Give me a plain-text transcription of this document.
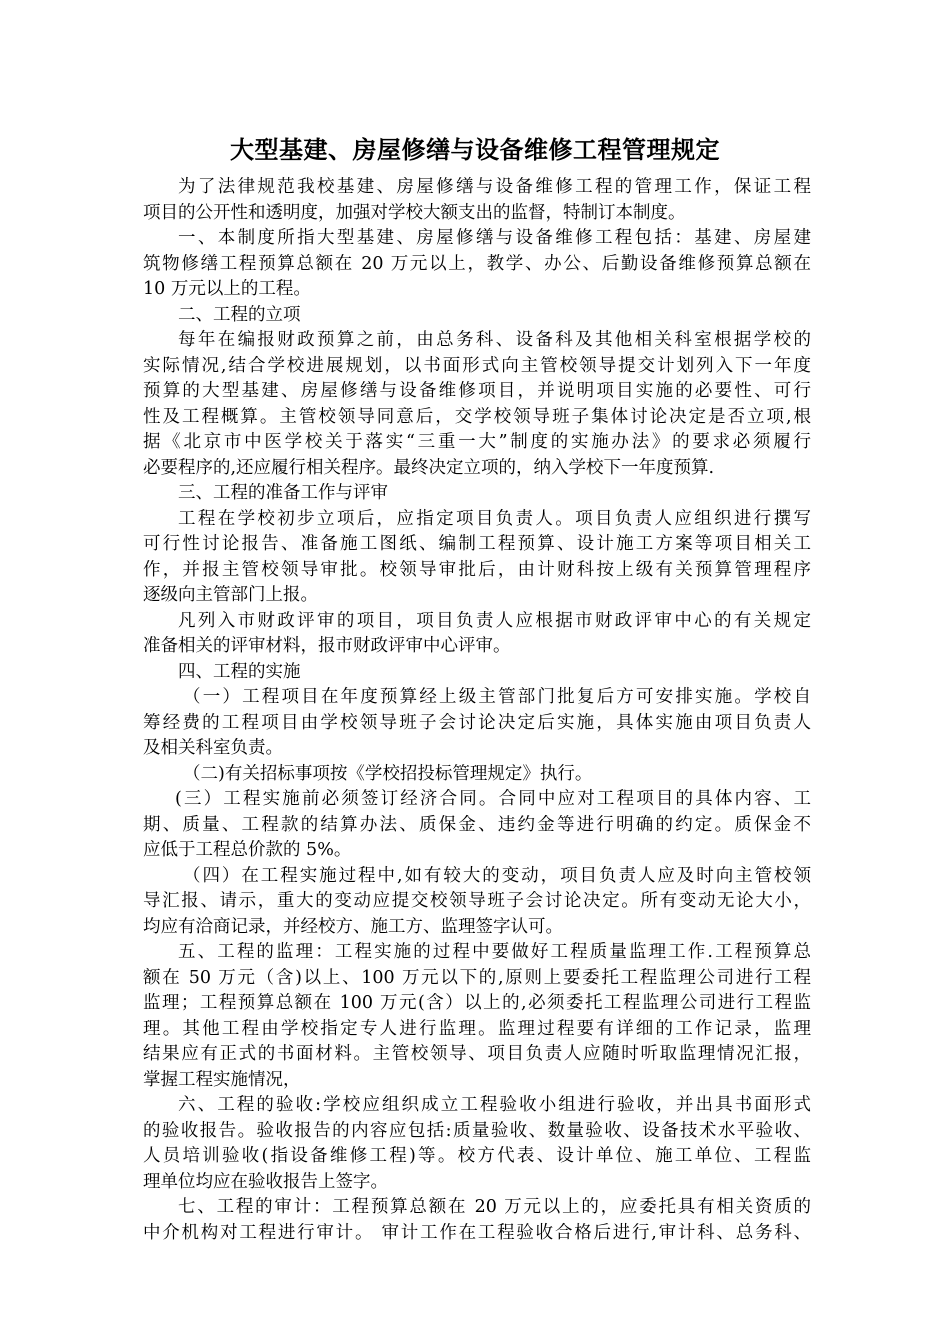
大型基建、房屋修缮与设备维修工程管理规定
为了法律规范我校基建、房屋修缮与设备维修工程的管理工作，保证工程
项目的公开性和透明度，加强对学校大额支出的监督，特制订本制度。
一、本制度所指大型基建、房屋修缮与设备维修工程包括：基建、房屋建
筑物修缮工程预算总额在 20 万元以上，教学、办公、后勤设备维修预算总额在
10 万元以上的工程。
二、工程的立项
每年在编报财政预算之前，由总务科、设备科及其他相关科室根据学校的
实际情况,结合学校进展规划，以书面形式向主管校领导提交计划列入下一年度
预算的大型基建、房屋修缮与设备维修项目，并说明项目实施的必要性、可行
性及工程概算。主管校领导同意后，交学校领导班子集体讨论决定是否立项,根
据《北京市中医学校关于落实“三重一大”制度的实施办法》的要求必须履行
必要程序的,还应履行相关程序。最终决定立项的，纳入学校下一年度预算.
三、工程的准备工作与评审
工程在学校初步立项后，应指定项目负责人。项目负责人应组织进行撰写
可行性讨论报告、准备施工图纸、编制工程预算、设计施工方案等项目相关工
作，并报主管校领导审批。校领导审批后，由计财科按上级有关预算管理程序
逐级向主管部门上报。
凡列入市财政评审的项目，项目负责人应根据市财政评审中心的有关规定
准备相关的评审材料，报市财政评审中心评审。
四、工程的实施
（一）工程项目在年度预算经上级主管部门批复后方可安排实施。学校自
筹经费的工程项目由学校领导班子会讨论决定后实施，具体实施由项目负责人
及相关科室负责。
（二)有关招标事项按《学校招投标管理规定》执行。
(三）工程实施前必须签订经济合同。合同中应对工程项目的具体内容、工
期、质量、工程款的结算办法、质保金、违约金等进行明确的约定。质保金不
应低于工程总价款的 5%。
（四）在工程实施过程中,如有较大的变动，项目负责人应及时向主管校领
导汇报、请示，重大的变动应提交校领导班子会讨论决定。所有变动无论大小，
均应有洽商记录，并经校方、施工方、监理签字认可。
五、工程的监理：工程实施的过程中要做好工程质量监理工作.工程预算总
额在 50 万元（含)以上、100 万元以下的,原则上要委托工程监理公司进行工程
监理；工程预算总额在 100 万元(含）以上的,必须委托工程监理公司进行工程监
理。其他工程由学校指定专人进行监理。监理过程要有详细的工作记录，监理
结果应有正式的书面材料。主管校领导、项目负责人应随时听取监理情况汇报，
掌握工程实施情况，
六、工程的验收:学校应组织成立工程验收小组进行验收，并出具书面形式
的验收报告。验收报告的内容应包括:质量验收、数量验收、设备技术水平验收、
人员培训验收(指设备维修工程)等。校方代表、设计单位、施工单位、工程监
理单位均应在验收报告上签字。
七、工程的审计：工程预算总额在 20 万元以上的，应委托具有相关资质的
中介机构对工程进行审计。 审计工作在工程验收合格后进行,审计科、总务科、
